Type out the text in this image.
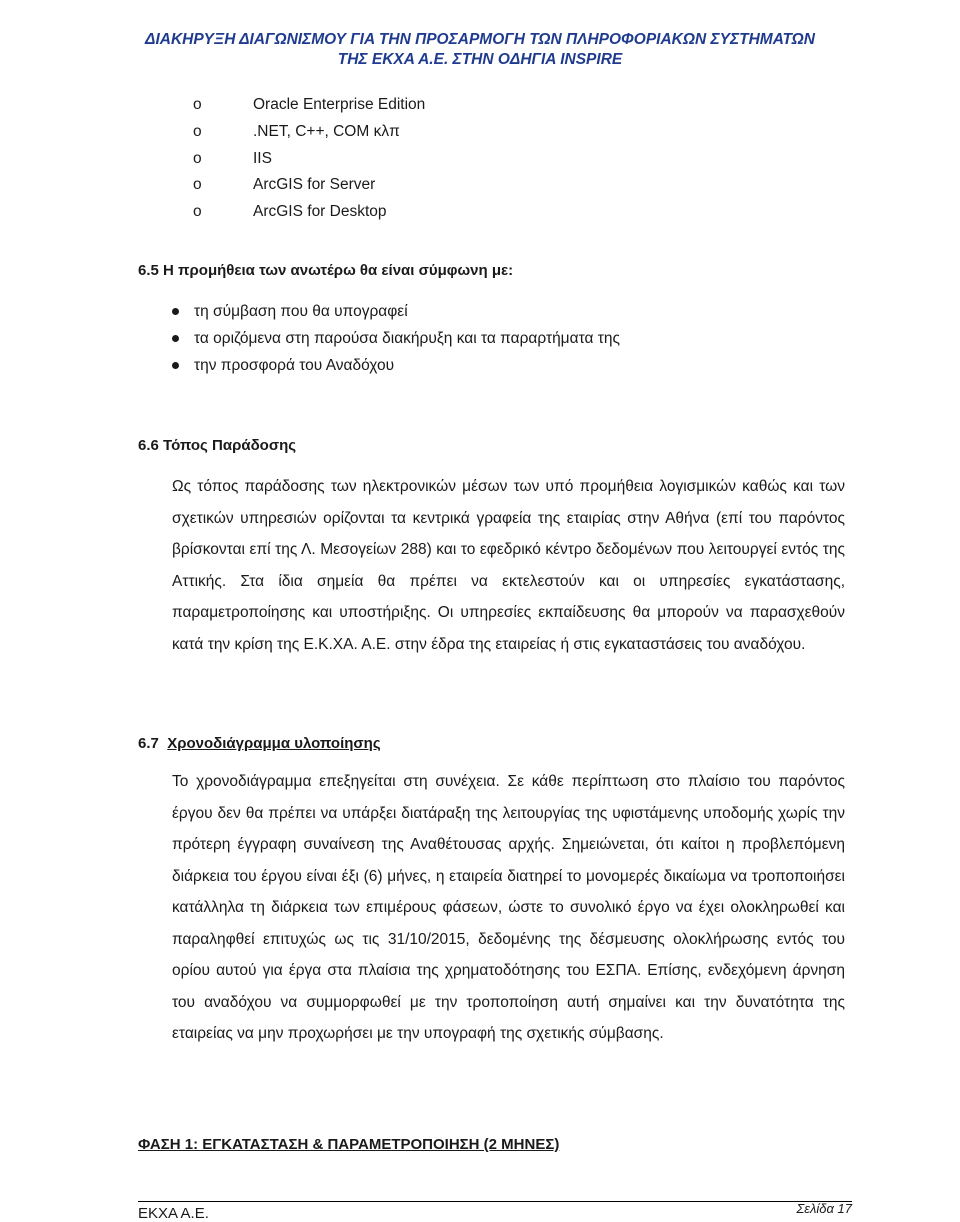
ΔΙΑΚΗΡΥΞΗ ΔΙΑΓΩΝΙΣΜΟΥ ΓΙΑ ΤΗΝ ΠΡΟΣΑΡΜΟΓΗ ΤΩΝ ΠΛΗΡΟΦΟΡΙΑΚΩΝ ΣΥΣΤΗΜΑΤΩΝ
ΤΗΣ ΕΚΧΑ Α.Ε. ΣΤΗΝ ΟΔΗΓΙΑ INSPIRE
o	Oracle Enterprise Edition
o	.NET, C++, COM κλπ
o	IIS
o	ArcGIS for Server
o	ArcGIS for Desktop
6.5 Η προμήθεια των ανωτέρω θα είναι σύμφωνη με:
τη σύμβαση που θα υπογραφεί
τα οριζόμενα στη παρούσα διακήρυξη και τα παραρτήματα της
την προσφορά του Αναδόχου
6.6 Τόπος Παράδοσης

Ως τόπος παράδοσης των ηλεκτρονικών μέσων των υπό προμήθεια λογισμικών καθώς και των σχετικών υπηρεσιών ορίζονται τα κεντρικά γραφεία της εταιρίας στην Αθήνα (επί του παρόντος βρίσκονται επί της Λ. Μεσογείων 288) και το εφεδρικό κέντρο δεδομένων που λειτουργεί εντός της Αττικής. Στα ίδια σημεία θα πρέπει να εκτελεστούν και οι υπηρεσίες εγκατάστασης, παραμετροποίησης και υποστήριξης. Οι υπηρεσίες εκπαίδευσης θα μπορούν να παρασχεθούν κατά την κρίση της Ε.Κ.ΧΑ. Α.Ε. στην έδρα της εταιρείας ή στις εγκαταστάσεις του αναδόχου.

6.7 Χρονοδιάγραμμα υλοποίησης

Το χρονοδιάγραμμα επεξηγείται στη συνέχεια. Σε κάθε περίπτωση στο πλαίσιο του παρόντος έργου δεν θα πρέπει να υπάρξει διατάραξη της λειτουργίας της υφιστάμενης υποδομής χωρίς την πρότερη έγγραφη συναίνεση της Αναθέτουσας αρχής. Σημειώνεται, ότι καίτοι η προβλεπόμενη διάρκεια του έργου είναι έξι (6) μήνες, η εταιρεία διατηρεί το μονομερές δικαίωμα να τροποποιήσει κατάλληλα τη διάρκεια των επιμέρους φάσεων, ώστε το συνολικό έργο να έχει ολοκληρωθεί και παραληφθεί επιτυχώς ως τις 31/10/2015, δεδομένης της δέσμευσης ολοκλήρωσης εντός του ορίου αυτού για έργα στα πλαίσια της χρηματοδότησης του ΕΣΠΑ. Επίσης, ενδεχόμενη άρνηση του αναδόχου να συμμορφωθεί με την τροποποίηση αυτή σημαίνει και την δυνατότητα της εταιρείας να μην προχωρήσει με την υπογραφή της σχετικής σύμβασης.

ΦΑΣΗ 1: ΕΓΚΑΤΑΣΤΑΣΗ & ΠΑΡΑΜΕΤΡΟΠΟΙΗΣΗ (2 ΜΗΝΕΣ)
ΕΚΧΑ Α.Ε.	Σελίδα 17
